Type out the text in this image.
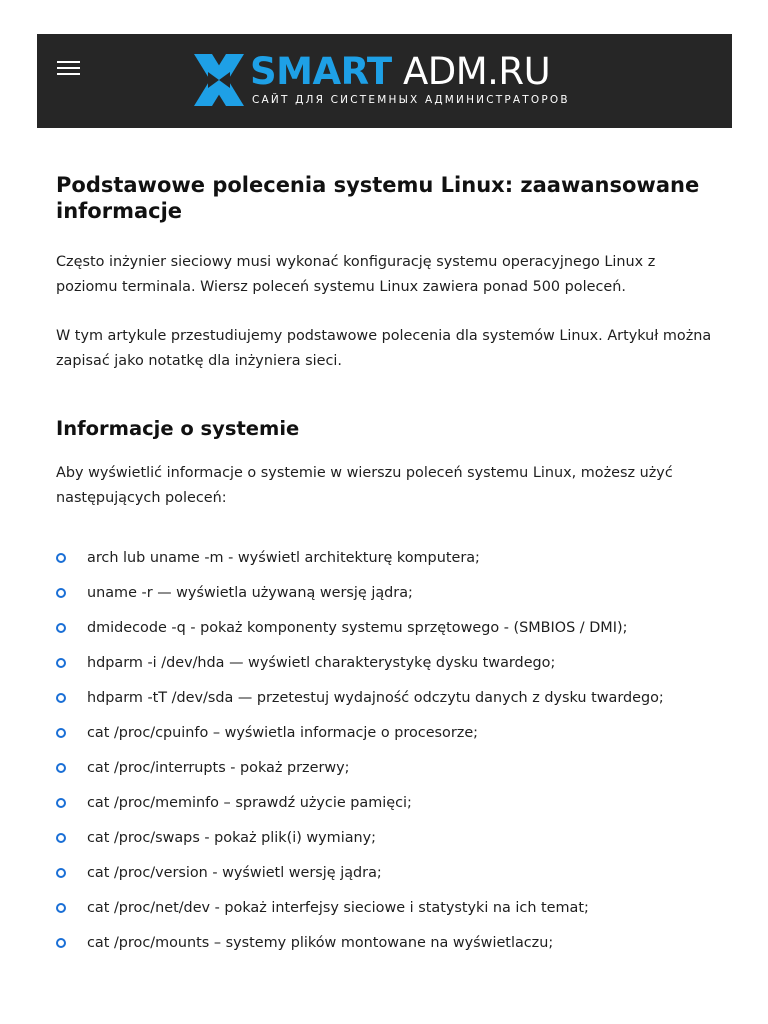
SMART ADM.RU
САЙТ ДЛЯ СИСТЕМНЫХ АДМИНИСТРАТОРОВ
Podstawowe polecenia systemu Linux: zaawansowane informacje

Często inżynier sieciowy musi wykonać konfigurację systemu operacyjnego Linux z poziomu terminala. Wiersz poleceń systemu Linux zawiera ponad 500 poleceń.

W tym artykule przestudiujemy podstawowe polecenia dla systemów Linux. Artykuł można zapisać jako notatkę dla inżyniera sieci.

Informacje o systemie

Aby wyświetlić informacje o systemie w wierszu poleceń systemu Linux, możesz użyć następujących poleceń:

arch lub uname -m - wyświetl architekturę komputera;
uname -r — wyświetla używaną wersję jądra;
dmidecode -q - pokaż komponenty systemu sprzętowego - (SMBIOS / DMI);
hdparm -i /dev/hda — wyświetl charakterystykę dysku twardego;
hdparm -tT /dev/sda — przetestuj wydajność odczytu danych z dysku twardego;
cat /proc/cpuinfo – wyświetla informacje o procesorze;
cat /proc/interrupts - pokaż przerwy;
cat /proc/meminfo – sprawdź użycie pamięci;
cat /proc/swaps - pokaż plik(i) wymiany;
cat /proc/version - wyświetl wersję jądra;
cat /proc/net/dev - pokaż interfejsy sieciowe i statystyki na ich temat;
cat /proc/mounts – systemy plików montowane na wyświetlaczu;
